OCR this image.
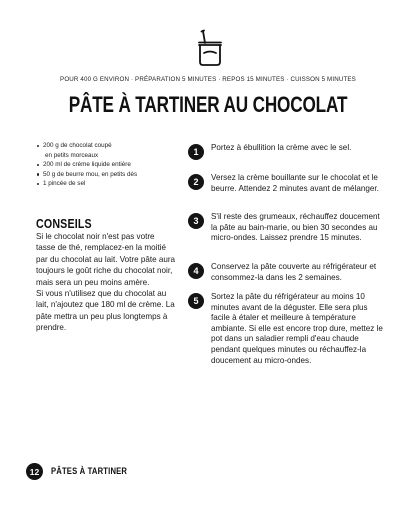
POUR 400 G ENVIRON · PRÉPARATION 5 MINUTES · REPOS 15 MINUTES · CUISSON 5 MINUTES
PÂTE À TARTINER AU CHOCOLAT
200 g de chocolat coupé
en petits morceaux
200 ml de crème liquide entière
50 g de beurre mou, en petits dés
1 pincée de sel
CONSEILS

Si le chocolat noir n'est pas votre tasse de thé, remplacez-en la moitié par du chocolat au lait. Votre pâte aura toujours le goût riche du chocolat noir, mais sera un peu moins amère.

Si vous n'utilisez que du chocolat au lait, n'ajoutez que 180 ml de crème. La pâte mettra un peu plus longtemps à prendre.

1	Portez à ébullition la crème avec le sel.
2	Versez la crème bouillante sur le chocolat et le beurre. Attendez 2 minutes avant de mélanger.
3	S'il reste des grumeaux, réchauffez doucement la pâte au bain-marie, ou bien 30 secondes au micro-ondes. Laissez prendre 15 minutes.
4	Conservez la pâte couverte au réfrigérateur et consommez-la dans les 2 semaines.
5	Sortez la pâte du réfrigérateur au moins 10 minutes avant de la déguster. Elle sera plus facile à étaler et meilleure à température ambiante. Si elle est encore trop dure, mettez le pot dans un saladier rempli d'eau chaude pendant quelques minutes ou réchauffez-la doucement au micro-ondes.
12	PÂTES À TARTINER
